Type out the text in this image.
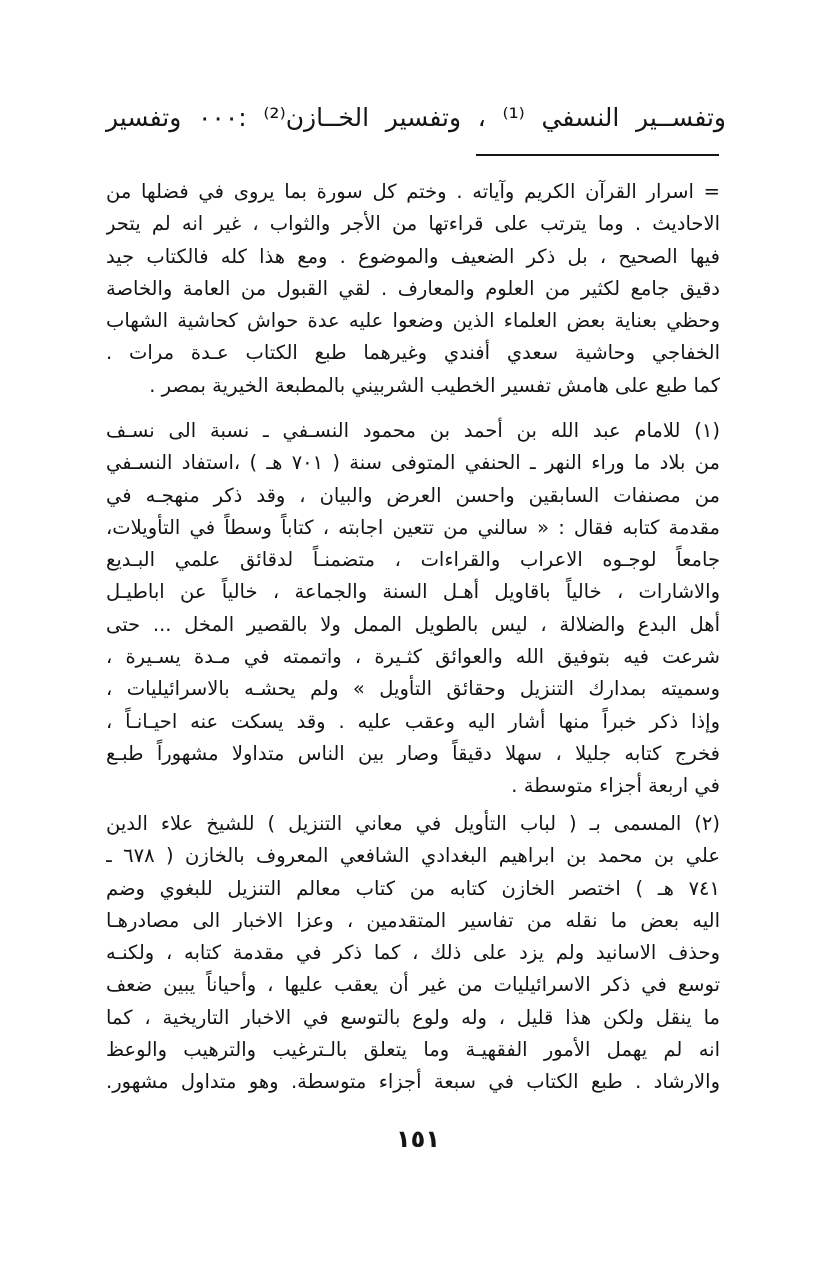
وتفســير النسفي ⁽¹⁾ ، وتفسير الخــازن⁽²⁾ :٠٠٠ وتفسير
= اسرار القرآن الكريم وآياته . وختم كل سورة بما يروى في فضلها من
الاحاديث . وما يترتب على قراءتها من الأجر والثواب ، غير انه لم يتحر
فيها الصحيح ، بل ذكر الضعيف والموضوع . ومع هذا كله فالكتاب جيد
دقيق جامع لكثير من العلوم والمعارف . لقي القبول من العامة والخاصة
وحظي بعناية بعض العلماء الذين وضعوا عليه عدة حواش كحاشية الشهاب
الخفاجي وحاشية سعدي أفندي وغيرهما طبع الكتاب عـدة مرات .
كما طبع على هامش تفسير الخطيب الشربيني بالمطبعة الخيرية بمصر .
(١) للامام عبد الله بن أحمد بن محمود النسـفي ـ نسبة الى نسـف
من بلاد ما وراء النهر ـ الحنفي المتوفى سنة ( ٧٠١ هـ ) ،استفاد النسـفي
من مصنفات السابقين واحسن العرض والبيان ، وقد ذكر منهجـه في
مقدمة كتابه فقال : « سالني من تتعين اجابته ، كتاباً وسطاً في التأويلات،
جامعاً لوجـوه الاعراب والقراءات ، متضمنـاً لدقائق علمي البـديع
والاشارات ، خالياً باقاويل أهـل السنة والجماعة ، خالياً عن اباطيـل
أهل البدع والضلالة ، ليس بالطويل الممل ولا بالقصير المخل ... حتى
شرعت فيه بتوفيق الله والعوائق كثـيرة ، واتممته في مـدة يسـيرة ،
وسميته بمدارك التنزيل وحقائق التأويل » ولم يحشـه بالاسرائيليات ،
وإذا ذكر خبراً منها أشار اليه وعقب عليه . وقد يسكت عنه احيـانـاً ،
فخرج كتابه جليلا ، سهلا دقيقاً وصار بين الناس متداولا مشهوراً طبـع
في اربعة أجزاء متوسطة .
(٢) المسمى بـ ( لباب التأويل في معاني التنزيل ) للشيخ علاء الدين
علي بن محمد بن ابراهيم البغدادي الشافعي المعروف بالخازن ( ٦٧٨ ـ
٧٤١ هـ ) اختصر الخازن كتابه من كتاب معالم التنزيل للبغوي وضم
اليه بعض ما نقله من تفاسير المتقدمين ، وعزا الاخبار الى مصادرهـا
وحذف الاسانيد ولم يزد على ذلك ، كما ذكر في مقدمة كتابه ، ولكنـه
توسع في ذكر الاسرائيليات من غير أن يعقب عليها ، وأحياناً يبين ضعف
ما ينقل ولكن هذا قليل ، وله ولوع بالتوسع في الاخبار التاريخية ، كما
انه لم يهمل الأمور الفقهيـة وما يتعلق بالـترغيب والترهيب والوعظ
والارشاد . طبع الكتاب في سبعة أجزاء متوسطة. وهو متداول مشهور.
١٥١
